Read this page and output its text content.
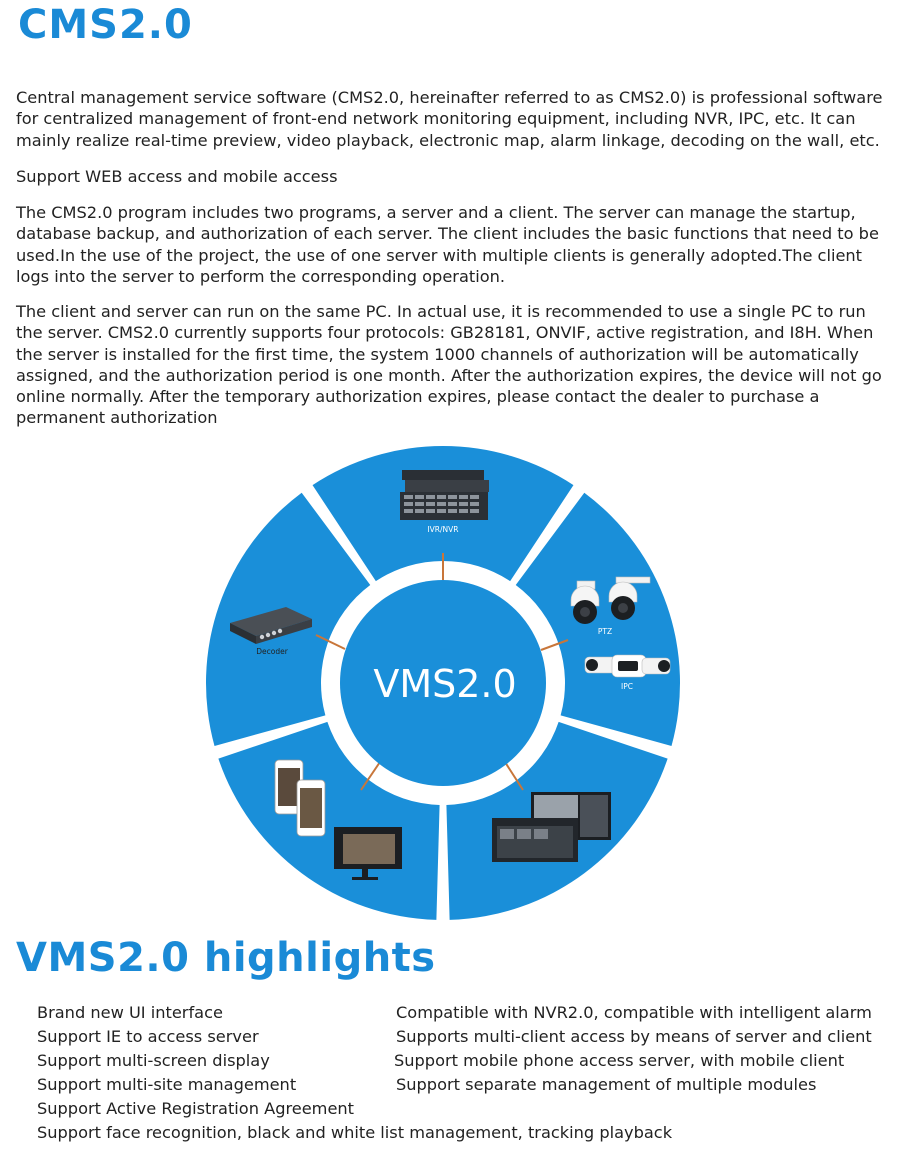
CMS2.0

Central management service software (CMS2.0, hereinafter referred to as CMS2.0) is professional software for centralized management of front-end network monitoring equipment, including NVR, IPC, etc. It can mainly realize real-time preview, video playback, electronic map, alarm linkage, decoding on the wall, etc.

Support WEB access and mobile access

The CMS2.0 program includes two programs, a server and a client. The server can manage the startup, database backup, and authorization of each server. The client includes the basic functions that need to be used.In the use of the project, the use of one server with multiple clients is generally adopted.The client logs into the server to perform the corresponding operation.

The client and server can run on the same PC. In actual use, it is recommended to use a single PC to run the server. CMS2.0 currently supports four protocols: GB28181, ONVIF, active registration, and I8H. When the server is installed for the first time, the system 1000 channels of authorization will be automatically assigned, and the authorization period is one month. After the authorization expires, the device will not go online normally. After the temporary authorization expires, please contact the dealer to purchase a permanent authorization

VMS2.0
IVR/NVR
Decoder
PTZ
IPC
VMS2.0 highlights
Brand new UI interface
Support IE to access server
Support multi-screen display
Support multi-site management
Support Active Registration Agreement
Support face recognition, black and white list management, tracking playback
Compatible with NVR2.0, compatible with intelligent alarm
Supports multi-client access by means of server and client
Support mobile phone access server, with mobile client
Support separate management of multiple modules
